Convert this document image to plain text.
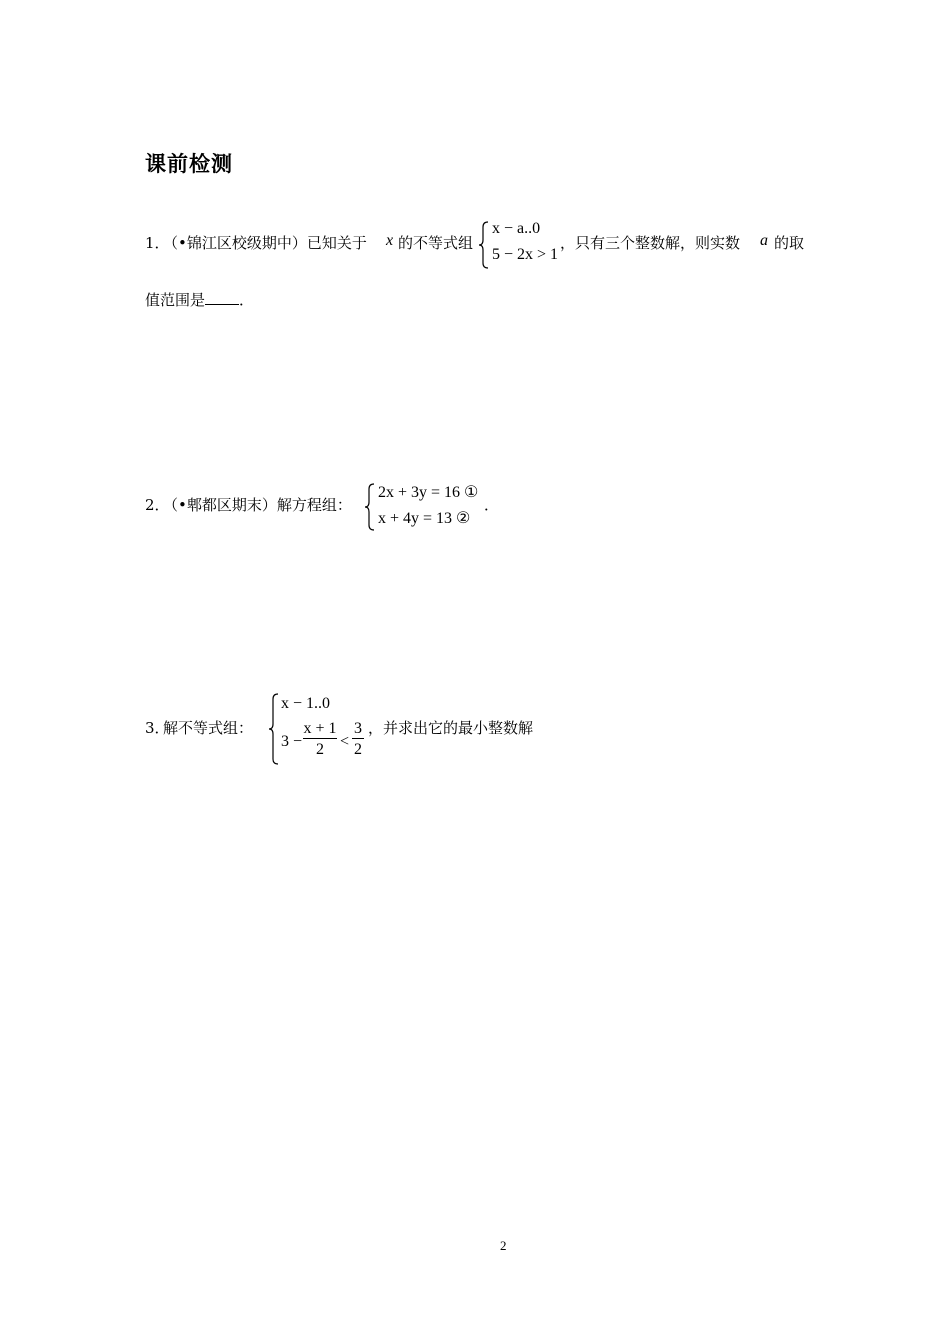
课前检测
1．
（•锦江区校级期中）已知关于 x 的不等式组
x − a..0
5 − 2x > 1
，只有三个整数解，则实数 a 的取
值范围是 ．
2．
（•郫都区期末）解方程组：
2x + 3y = 16 ①
x + 4y = 13 ②
．
3．
解不等式组：
x − 1..0
$3 - \frac{x + 1}{2} < \frac{3}{2}$ ，并求出它的最小整数解
2
